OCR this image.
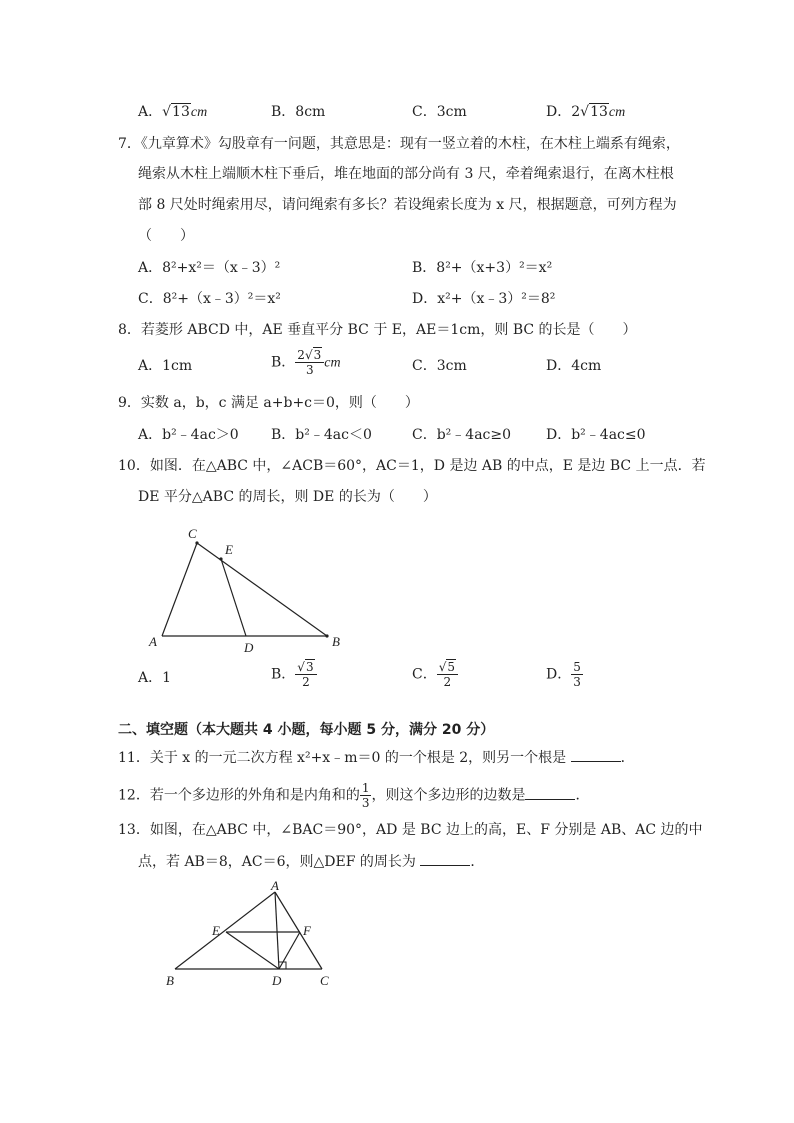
A．√13cm	B．8cm	C．3cm	D．2√13cm
7．《九章算术》勾股章有一问题，其意思是：现有一竖立着的木柱，在木柱上端系有绳索，
绳索从木柱上端顺木柱下垂后，堆在地面的部分尚有 3 尺，牵着绳索退行，在离木柱根
部 8 尺处时绳索用尽，请问绳索有多长？若设绳索长度为 x 尺，根据题意，可列方程为
（　　）
A．8²+x²＝（x﹣3）²	B．8²+（x+3）²＝x²
C．8²+（x﹣3）²＝x²	D．x²+（x﹣3）²＝8²
8．若菱形 ABCD 中，AE 垂直平分 BC 于 E，AE＝1cm，则 BC 的长是（　　）
A．1cm	B． $\frac{2√3}{3}$ cm	C．3cm	D．4cm
9．实数 a，b，c 满足 a+b+c＝0，则（　　）
A．b²﹣4ac＞0 B．b²﹣4ac＜0	C．b²﹣4ac≥0 D．b²﹣4ac≤0
10．如图．在△ABC 中，∠ACB＝60°，AC＝1，D 是边 AB 的中点，E 是边 BC 上一点．若
DE 平分△ABC 的周长，则 DE 的长为（　　）
C
E
A	D	B
A．1	B． $\frac{√3}{2}$	C． $\frac{√5}{2}$	D． $\frac{5}{3}$
二、填空题（本大题共 4 小题，每小题 5 分，满分 20 分）
11．关于 x 的一元二次方程 x²+x﹣m＝0 的一个根是 2，则另一个根是	．
12．若一个多边形的外角和是内角和的 $\frac{1}{3}$ ，则这个多边形的边数是	．
13．如图，在△ABC 中，∠BAC＝90°，AD 是 BC 边上的高，E、F 分别是 AB、AC 边的中
点，若 AB＝8，AC＝6，则△DEF 的周长为	．
A
E	F
B	D	C
